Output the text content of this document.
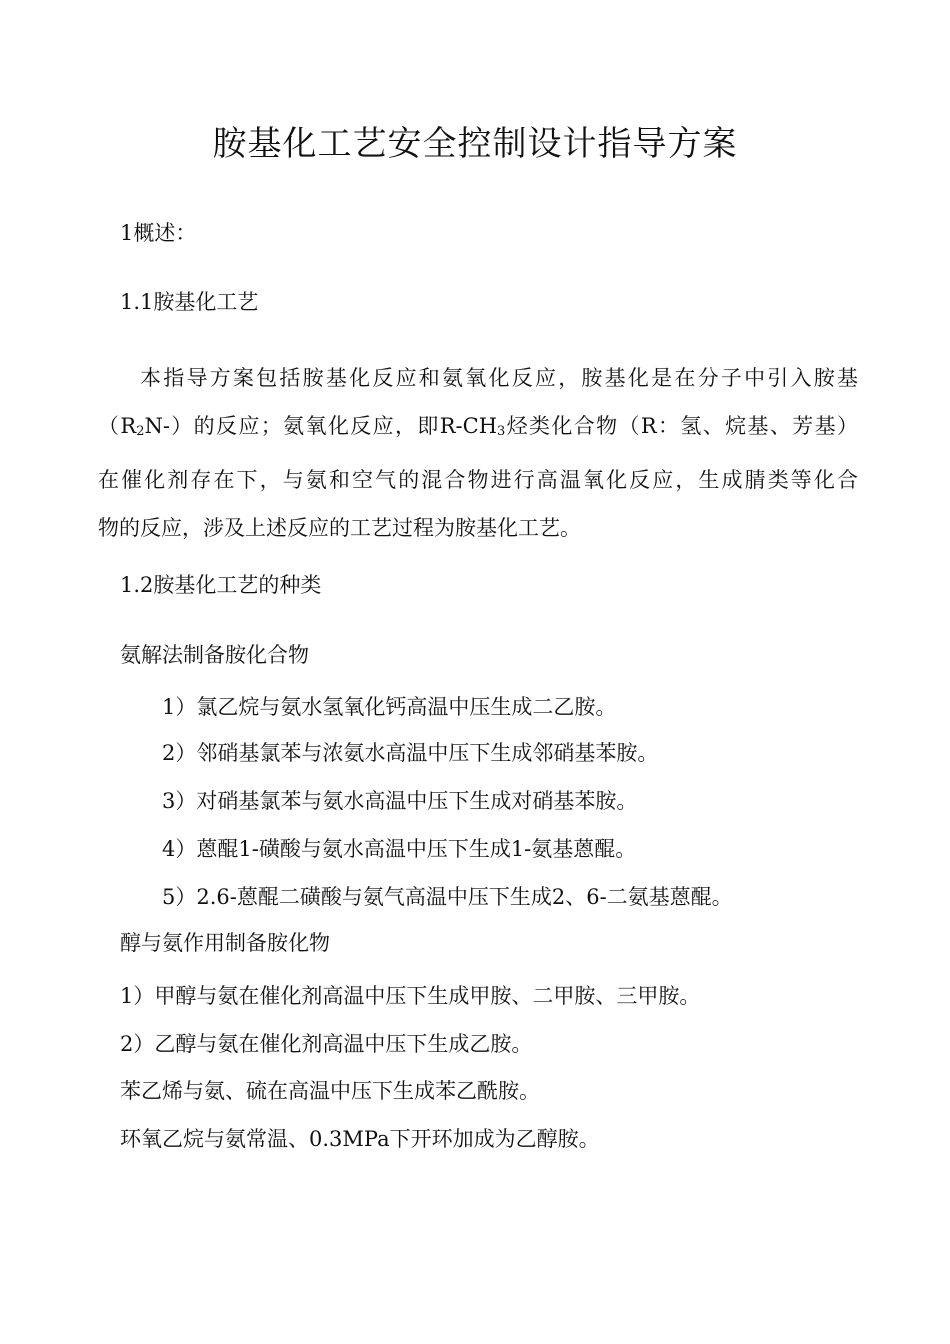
胺基化工艺安全控制设计指导方案
1概述：
1.1胺基化工艺
本指导方案包括胺基化反应和氨氧化反应，胺基化是在分子中引入胺基
（R2N-）的反应；氨氧化反应，即R-CH3烃类化合物（R：氢、烷基、芳基）
在催化剂存在下，与氨和空气的混合物进行高温氧化反应，生成腈类等化合
物的反应，涉及上述反应的工艺过程为胺基化工艺。
1.2胺基化工艺的种类
氨解法制备胺化合物
1）氯乙烷与氨水氢氧化钙高温中压生成二乙胺。
2）邻硝基氯苯与浓氨水高温中压下生成邻硝基苯胺。
3）对硝基氯苯与氨水高温中压下生成对硝基苯胺。
4）蒽醌1-磺酸与氨水高温中压下生成1-氨基蒽醌。
5）2.6-蒽醌二磺酸与氨气高温中压下生成2、6-二氨基蒽醌。
醇与氨作用制备胺化物
1）甲醇与氨在催化剂高温中压下生成甲胺、二甲胺、三甲胺。
2）乙醇与氨在催化剂高温中压下生成乙胺。
苯乙烯与氨、硫在高温中压下生成苯乙酰胺。
环氧乙烷与氨常温、0.3MPa下开环加成为乙醇胺。
